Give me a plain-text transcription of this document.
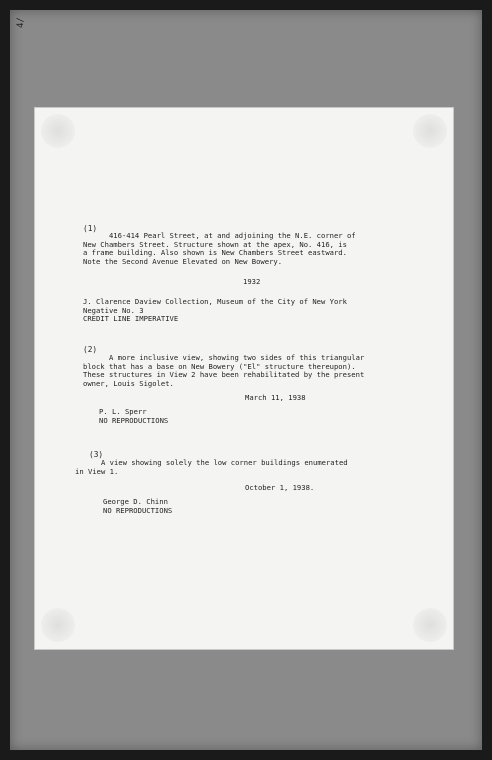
4/
(1)
416-414 Pearl Street, at and adjoining the N.E. corner of
New Chambers Street. Structure shown at the apex, No. 416, is
a frame building. Also shown is New Chambers Street eastward.
Note the Second Avenue Elevated on New Bowery.
1932
J. Clarence Daview Collection, Museum of the City of New York
Negative No. 3
CREDIT LINE IMPERATIVE
(2)
A more inclusive view, showing two sides of this triangular
block that has a base on New Bowery ("El" structure thereupon).
These structures in View 2 have been rehabilitated by the present
owner, Louis Sigolet.
March 11, 1938
P. L. Sperr
NO REPRODUCTIONS
(3)
A view showing solely the low corner buildings enumerated
in View 1.
October 1, 1938.
George D. Chinn
NO REPRODUCTIONS
